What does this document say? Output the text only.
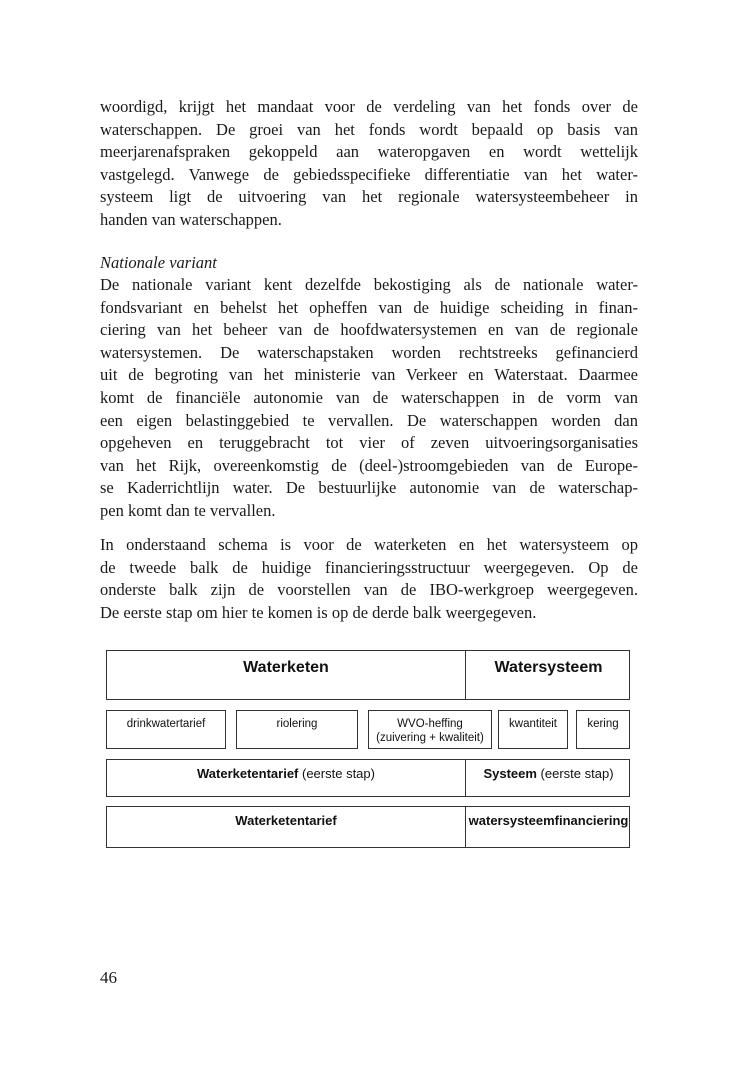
woordigd, krijgt het mandaat voor de verdeling van het fonds over de
waterschappen. De groei van het fonds wordt bepaald op basis van
meerjarenafspraken gekoppeld aan wateropgaven en wordt wettelijk
vastgelegd. Vanwege de gebiedsspecifieke differentiatie van het water-
systeem ligt de uitvoering van het regionale watersysteembeheer in
handen van waterschappen.
Nationale variant
De nationale variant kent dezelfde bekostiging als de nationale water-
fondsvariant en behelst het opheffen van de huidige scheiding in finan-
ciering van het beheer van de hoofdwatersystemen en van de regionale
watersystemen. De waterschapstaken worden rechtstreeks gefinancierd
uit de begroting van het ministerie van Verkeer en Waterstaat. Daarmee
komt de financiële autonomie van de waterschappen in de vorm van
een eigen belastinggebied te vervallen. De waterschappen worden dan
opgeheven en teruggebracht tot vier of zeven uitvoeringsorganisaties
van het Rijk, overeenkomstig de (deel-)stroomgebieden van de Europe-
se Kaderrichtlijn water. De bestuurlijke autonomie van de waterschap-
pen komt dan te vervallen.
In onderstaand schema is voor de waterketen en het watersysteem op
de tweede balk de huidige financieringsstructuur weergegeven. Op de
onderste balk zijn de voorstellen van de IBO-werkgroep weergegeven.
De eerste stap om hier te komen is op de derde balk weergegeven.
Waterketen	Watersysteem
drinkwatertarief	riolering	WVO-heffing
(zuivering + kwaliteit)
kwantiteit	kering
Waterketentarief (eerste stap)	Systeem (eerste stap)
Waterketentarief	watersysteemfinanciering
46
